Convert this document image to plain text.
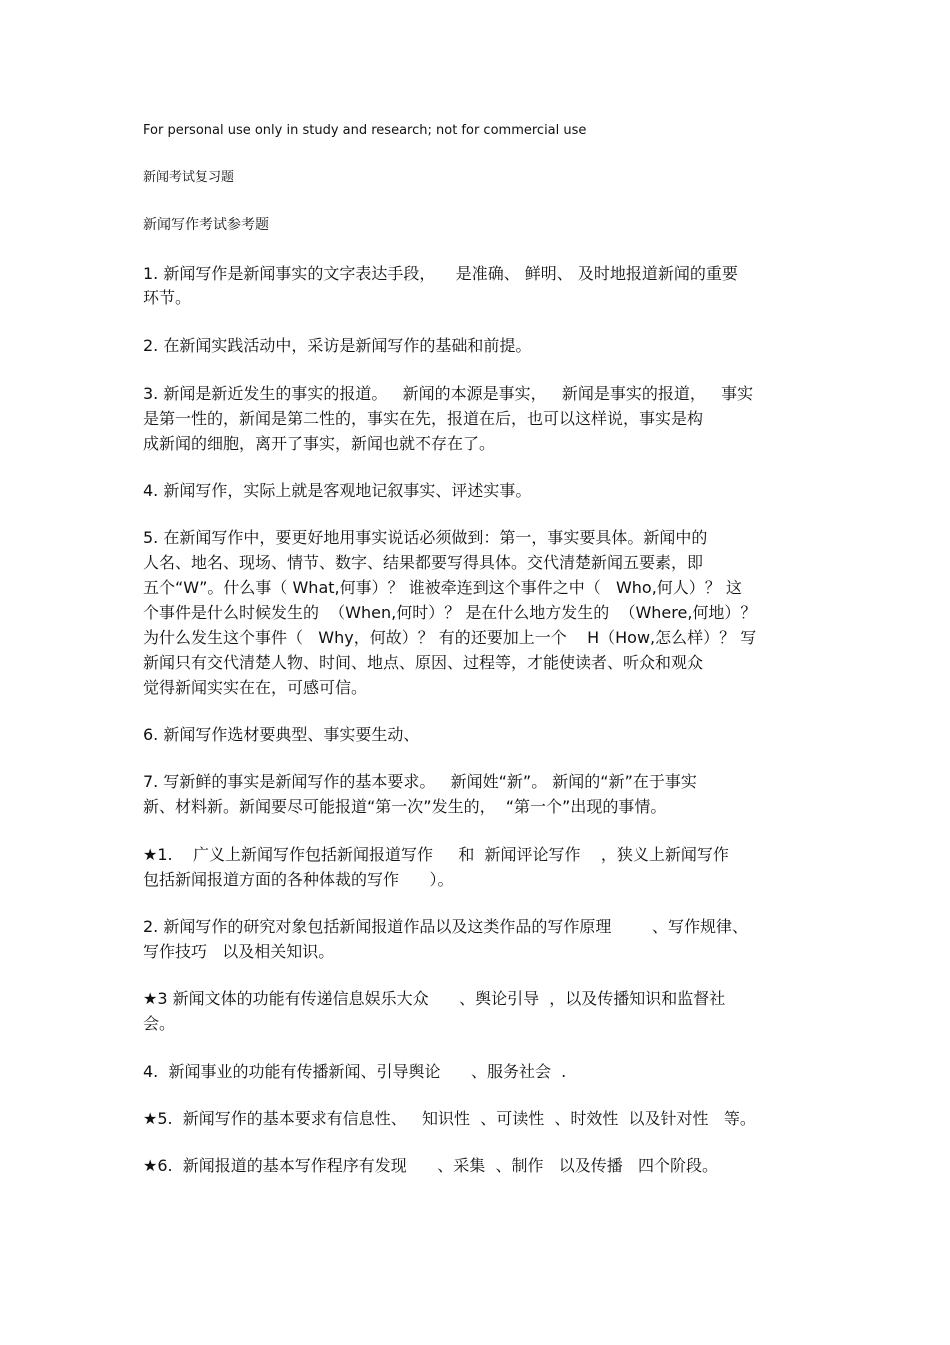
For personal use only in study and research; not for commercial use
新闻考试复习题
新闻写作考试参考题
1. 新闻写作是新闻事实的文字表达手段，    是准确、 鲜明、 及时地报道新闻的重要
环节。
2. 在新闻实践活动中，采访是新闻写作的基础和前提。
3. 新闻是新近发生的事实的报道。   新闻的本源是事实，   新闻是事实的报道，   事实
是第一性的，新闻是第二性的，事实在先，报道在后，也可以这样说，事实是构
成新闻的细胞，离开了事实，新闻也就不存在了。
4. 新闻写作，实际上就是客观地记叙事实、评述实事。
5. 在新闻写作中，要更好地用事实说话必须做到：第一，事实要具体。新闻中的
人名、地名、现场、情节、数字、结果都要写得具体。交代清楚新闻五要素，即
五个“W”。什么事（ What,何事）？ 谁被牵连到这个事件之中（   Who,何人）？ 这
个事件是什么时候发生的  （When,何时）？ 是在什么地方发生的  （Where,何地）？
为什么发生这个事件（   Why，何故）？ 有的还要加上一个    H（How,怎么样）？ 写
新闻只有交代清楚人物、时间、地点、原因、过程等，才能使读者、听众和观众
觉得新闻实实在在，可感可信。
6. 新闻写作选材要典型、事实要生动、
7. 写新鲜的事实是新闻写作的基本要求。   新闻姓“新”。 新闻的“新”在于事实
新、材料新。新闻要尽可能报道“第一次”发生的，  “第一个”出现的事情。
★1.    广义上新闻写作包括新闻报道写作     和  新闻评论写作    ，狭义上新闻写作
包括新闻报道方面的各种体裁的写作      ）。
2. 新闻写作的研究对象包括新闻报道作品以及这类作品的写作原理        、写作规律、
写作技巧   以及相关知识。
★3 新闻文体的功能有传递信息娱乐大众      、舆论引导  ，以及传播知识和监督社
会。
4.  新闻事业的功能有传播新闻、引导舆论      、服务社会  .
★5.  新闻写作的基本要求有信息性、   知识性  、可读性  、时效性  以及针对性   等。
★6.  新闻报道的基本写作程序有发现      、采集  、制作   以及传播   四个阶段。
